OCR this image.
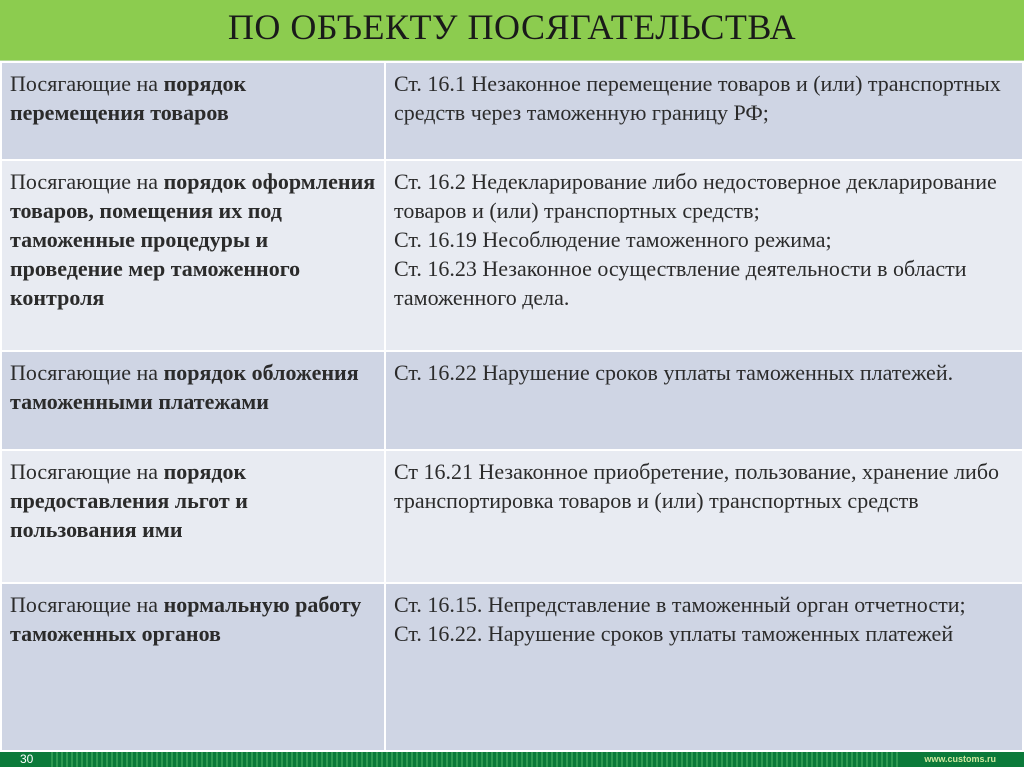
ПО ОБЪЕКТУ ПОСЯГАТЕЛЬСТВА
Посягающие на порядок перемещения товаров	Ст. 16.1 Незаконное перемещение товаров и (или) транспортных средств через таможенную границу РФ;

Посягающие на порядок оформления товаров, помещения их под таможенные процедуры и проведение мер таможенного контроля	Ст. 16.2 Недекларирование либо недостоверное декларирование товаров и (или) транспортных средств;
Ст. 16.19 Несоблюдение таможенного режима;
Ст. 16.23 Незаконное осуществление деятельности в области таможенного дела.

Посягающие на порядок обложения таможенными платежами	Ст. 16.22 Нарушение сроков уплаты таможенных платежей.

Посягающие на порядок предоставления льгот и пользования ими	Ст 16.21 Незаконное приобретение, пользование, хранение либо транспортировка товаров и (или) транспортных средств

Посягающие на нормальную работу таможенных органов	Ст. 16.15. Непредставление в таможенный орган отчетности;
Ст. 16.22. Нарушение сроков уплаты таможенных платежей
30	www.customs.ru
